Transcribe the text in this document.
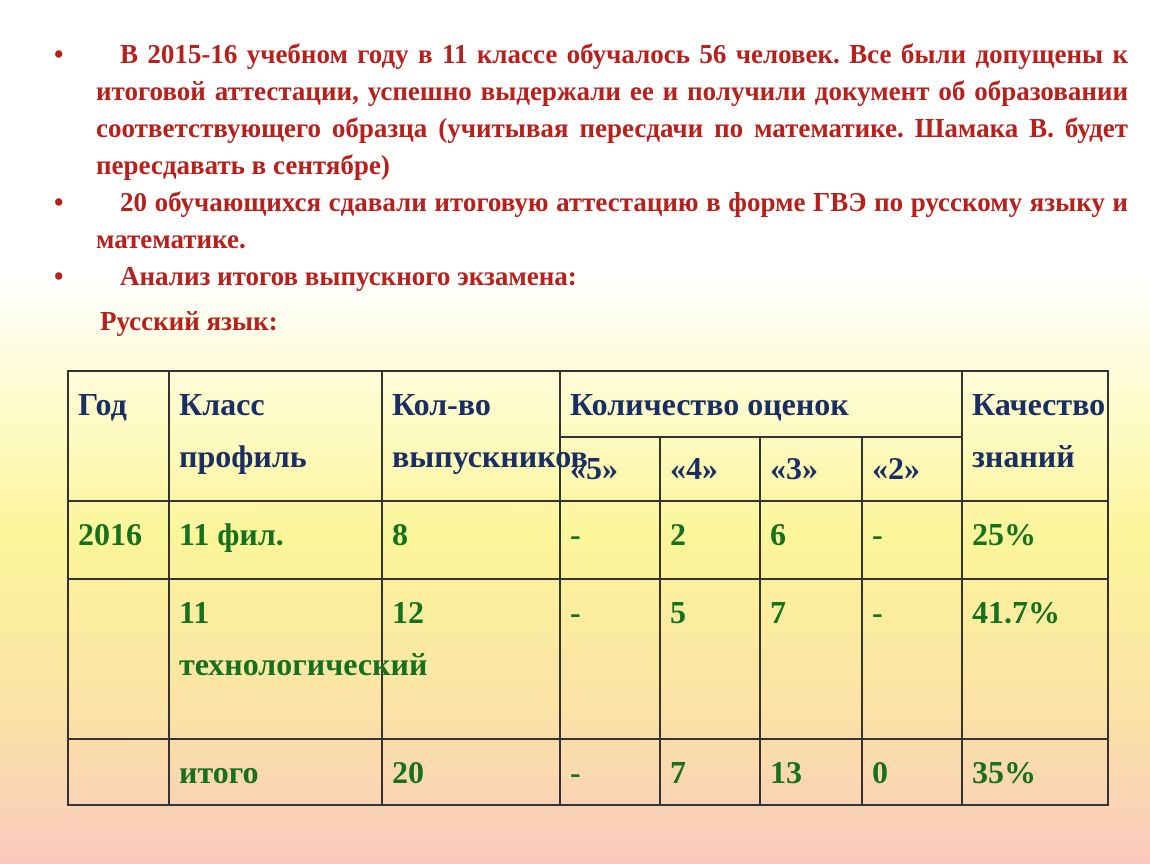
•	В 2015-16 учебном году в 11 классе обучалось 56 человек. Все были допущены к итоговой аттестации, успешно выдержали ее и получили документ об образовании соответствующего образца (учитывая пересдачи по математике. Шамака В. будет пересдавать в сентябре)
•	20 обучающихся сдавали итоговую аттестацию в форме ГВЭ по русскому языку и математике.
•	Анализ итогов выпускного экзамена:
Русский язык:
Год	Класс профиль	Кол-во выпускников	Количество оценок				Качество знаний
			«5»	«4»	«3»	«2»	
2016	11 фил.	8	-	2	6	-	25%
	11 технологический	12	-	5	7	-	41.7%
	итого	20	-	7	13	0	35%
